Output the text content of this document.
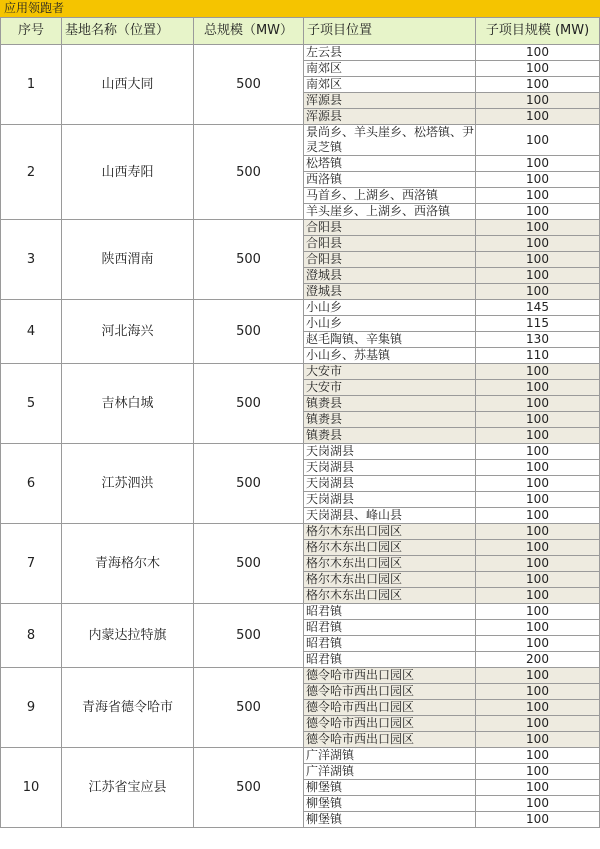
应用领跑者
序号	基地名称（位置）	总规模（MW）	子项目位置	子项目规模 (MW)
1	山西大同	500	左云县	100
			南郊区	100
			南郊区	100
			浑源县	100
			浑源县	100
2	山西寿阳	500	景尚乡、羊头崖乡、松塔镇、尹灵芝镇	100
			松塔镇	100
			西洛镇	100
			马首乡、上湖乡、西洛镇	100
			羊头崖乡、上湖乡、西洛镇	100
3	陕西渭南	500	合阳县	100
			合阳县	100
			合阳县	100
			澄城县	100
			澄城县	100
4	河北海兴	500	小山乡	145
			小山乡	115
			赵毛陶镇、辛集镇	130
			小山乡、苏基镇	110
5	吉林白城	500	大安市	100
			大安市	100
			镇赉县	100
			镇赉县	100
			镇赉县	100
6	江苏泗洪	500	天岗湖县	100
			天岗湖县	100
			天岗湖县	100
			天岗湖县	100
			天岗湖县、峰山县	100
7	青海格尔木	500	格尔木东出口园区	100
			格尔木东出口园区	100
			格尔木东出口园区	100
			格尔木东出口园区	100
			格尔木东出口园区	100
8	内蒙达拉特旗	500	昭君镇	100
			昭君镇	100
			昭君镇	100
			昭君镇	200
9	青海省德令哈市	500	德令哈市西出口园区	100
			德令哈市西出口园区	100
			德令哈市西出口园区	100
			德令哈市西出口园区	100
			德令哈市西出口园区	100
10	江苏省宝应县	500	广洋湖镇	100
			广洋湖镇	100
			柳堡镇	100
			柳堡镇	100
			柳堡镇	100
